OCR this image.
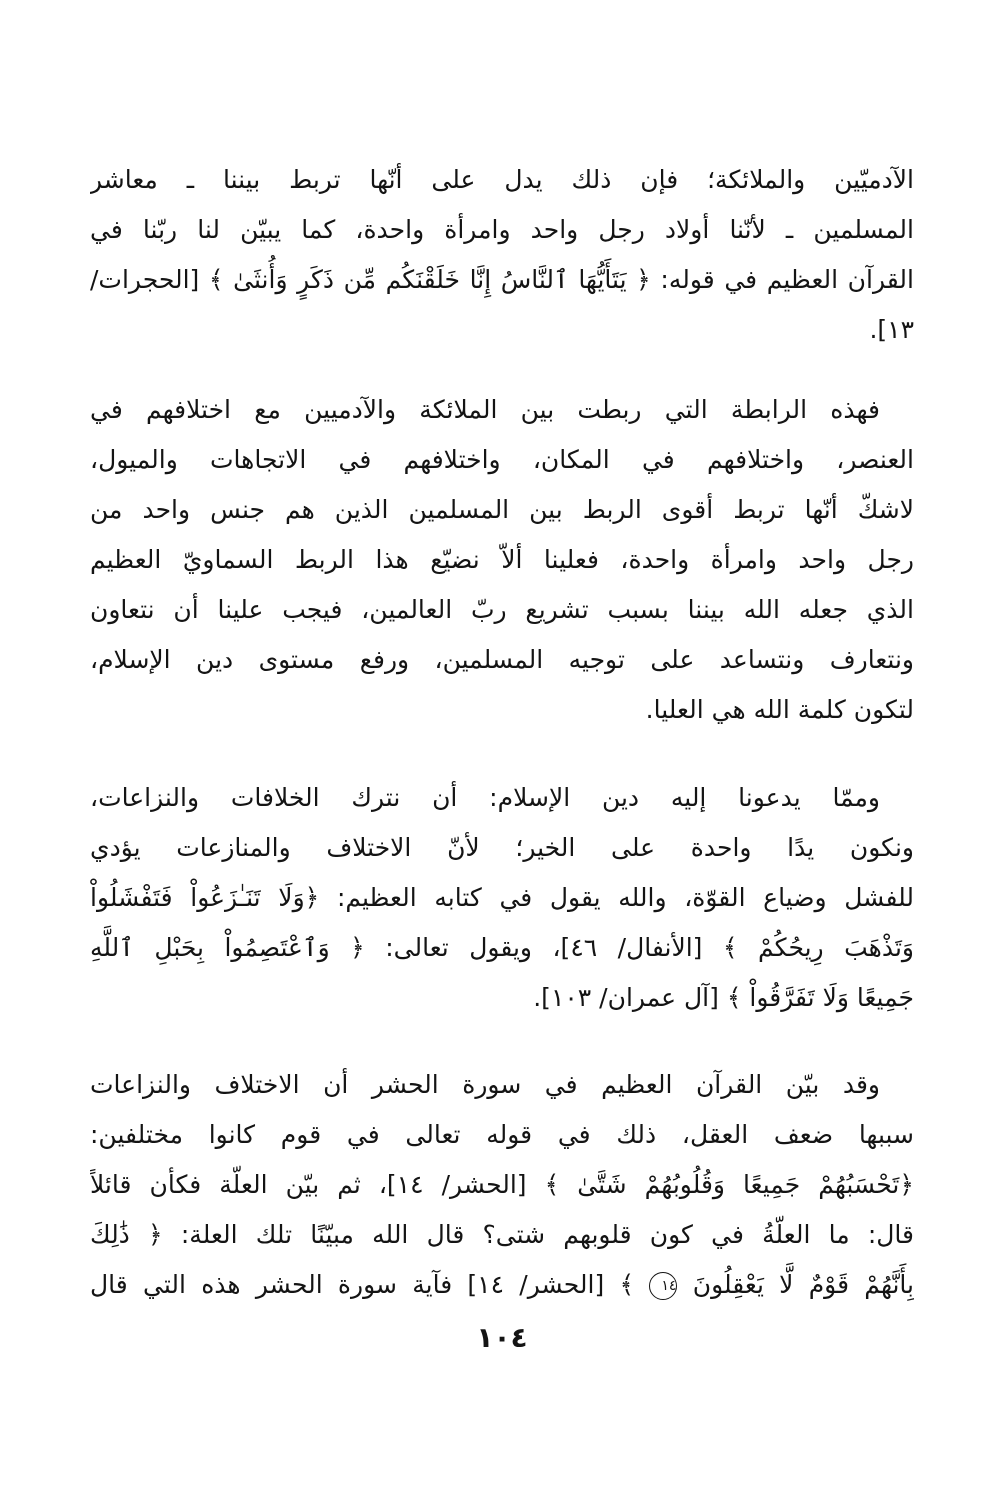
الآدميّين والملائكة؛ فإن ذلك يدل على أنّها تربط بيننا ـ معاشر
المسلمين ـ لأنّنا أولاد رجل واحد وامرأة واحدة، كما يبيّن لنا ربّنا في
القرآن العظيم في قوله: ﴿ يَتَأَيُّهَا ٱلنَّاسُ إِنَّا خَلَقْنَكُم مِّن ذَكَرٍ وَأُنثَىٰ ﴾ [الحجرات/
١٣].
فهذه الرابطة التي ربطت بين الملائكة والآدميين مع اختلافهم في
العنصر، واختلافهم في المكان، واختلافهم في الاتجاهات والميول،
لاشكّ أنّها تربط أقوى الربط بين المسلمين الذين هم جنس واحد من
رجل واحد وامرأة واحدة، فعلينا ألاّ نضيّع هذا الربط السماويّ العظيم
الذي جعله الله بيننا بسبب تشريع ربّ العالمين، فيجب علينا أن نتعاون
ونتعارف ونتساعد على توجيه المسلمين، ورفع مستوى دين الإسلام،
لتكون كلمة الله هي العليا.
وممّا يدعونا إليه دين الإسلام: أن نترك الخلافات والنزاعات،
ونكون يدًا واحدة على الخير؛ لأنّ الاختلاف والمنازعات يؤدي
للفشل وضياع القوّة، والله يقول في كتابه العظيم: ﴿وَلَا تَنَـٰزَعُواْ فَتَفْشَلُواْ
وَتَذْهَبَ رِيحُكُمْ ﴾ [الأنفال/ ٤٦]، ويقول تعالى: ﴿ وَٱعْتَصِمُواْ بِحَبْلِ ٱللَّهِ
جَمِيعًا وَلَا تَفَرَّقُواْ ﴾ [آل عمران/ ١٠٣].
وقد بيّن القرآن العظيم في سورة الحشر أن الاختلاف والنزاعات
سببها ضعف العقل، ذلك في قوله تعالى في قوم كانوا مختلفين:
﴿تَحْسَبُهُمْ جَمِيعًا وَقُلُوبُهُمْ شَتَّىٰ ﴾ [الحشر/ ١٤]، ثم بيّن العلّة فكأن قائلاً
قال: ما العلّةُ في كون قلوبهم شتى؟ قال الله مبيّنًا تلك العلة: ﴿ ذَٰلِكَ
بِأَنَّهُمْ قَوْمٌ لَّا يَعْقِلُونَ ١٤ ﴾ [الحشر/ ١٤] فآية سورة الحشر هذه التي قال
١٠٤
